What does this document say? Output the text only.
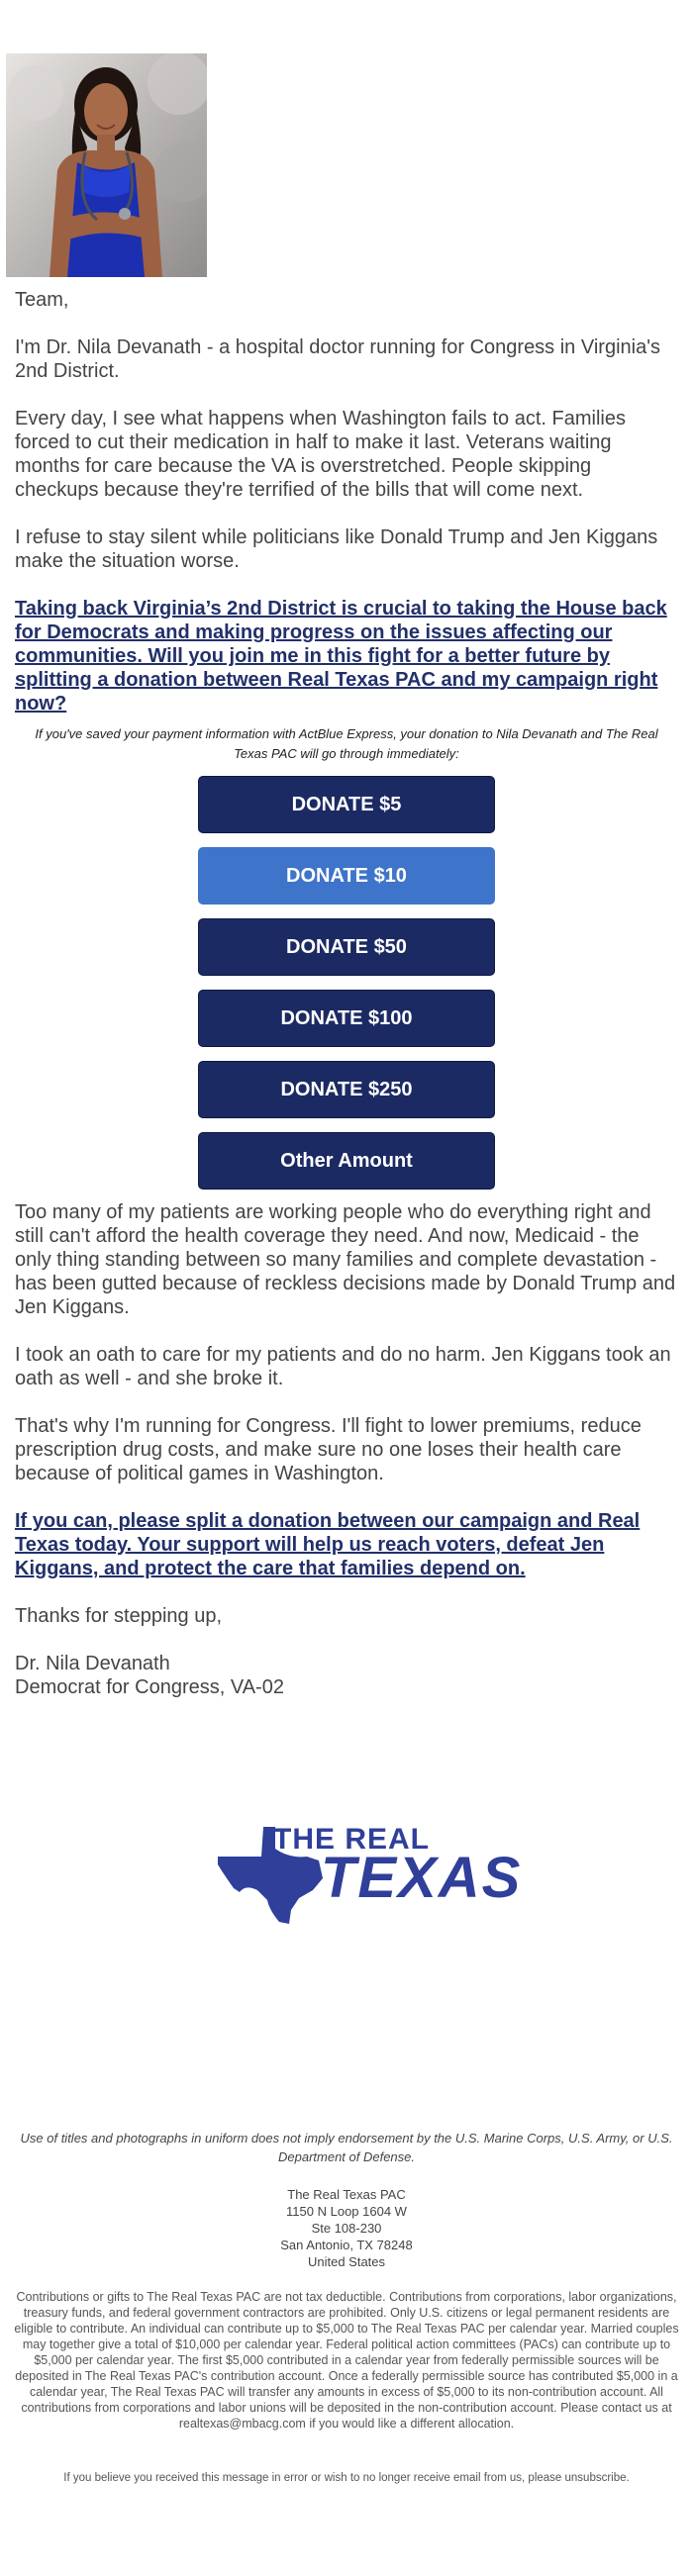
Team,

I'm Dr. Nila Devanath - a hospital doctor running for Congress in Virginia's 2nd District.

Every day, I see what happens when Washington fails to act. Families forced to cut their medication in half to make it last. Veterans waiting months for care because the VA is overstretched. People skipping checkups because they're terrified of the bills that will come next.

I refuse to stay silent while politicians like Donald Trump and Jen Kiggans make the situation worse.

Taking back Virginia’s 2nd District is crucial to taking the House back for Democrats and making progress on the issues affecting our communities. Will you join me in this fight for a better future by splitting a donation between Real Texas PAC and my campaign right now?

If you've saved your payment information with ActBlue Express, your donation to Nila Devanath and The Real Texas PAC will go through immediately:

DONATE $5
DONATE $10
DONATE $50
DONATE $100
DONATE $250
Other Amount

Too many of my patients are working people who do everything right and still can't afford the health coverage they need. And now, Medicaid - the only thing standing between so many families and complete devastation - has been gutted because of reckless decisions made by Donald Trump and Jen Kiggans.

I took an oath to care for my patients and do no harm. Jen Kiggans took an oath as well - and she broke it.

That's why I'm running for Congress. I'll fight to lower premiums, reduce prescription drug costs, and make sure no one loses their health care because of political games in Washington.

If you can, please split a donation between our campaign and Real Texas today. Your support will help us reach voters, defeat Jen Kiggans, and protect the care that families depend on.

Thanks for stepping up,

Dr. Nila Devanath

Democrat for Congress, VA-02

THE REAL
TEXAS
Use of titles and photographs in uniform does not imply endorsement by the U.S. Marine Corps, U.S. Army, or U.S. Department of Defense.
The Real Texas PAC
1150 N Loop 1604 W
Ste 108-230
San Antonio, TX 78248
United States
Contributions or gifts to The Real Texas PAC are not tax deductible. Contributions from corporations, labor organizations, treasury funds, and federal government contractors are prohibited. Only U.S. citizens or legal permanent residents are eligible to contribute. An individual can contribute up to $5,000 to The Real Texas PAC per calendar year. Married couples may together give a total of $10,000 per calendar year. Federal political action committees (PACs) can contribute up to $5,000 per calendar year. The first $5,000 contributed in a calendar year from federally permissible sources will be deposited in The Real Texas PAC's contribution account. Once a federally permissible source has contributed $5,000 in a calendar year, The Real Texas PAC will transfer any amounts in excess of $5,000 to its non-contribution account. All contributions from corporations and labor unions will be deposited in the non-contribution account. Please contact us at realtexas@mbacg.com if you would like a different allocation.
If you believe you received this message in error or wish to no longer receive email from us, please unsubscribe.
